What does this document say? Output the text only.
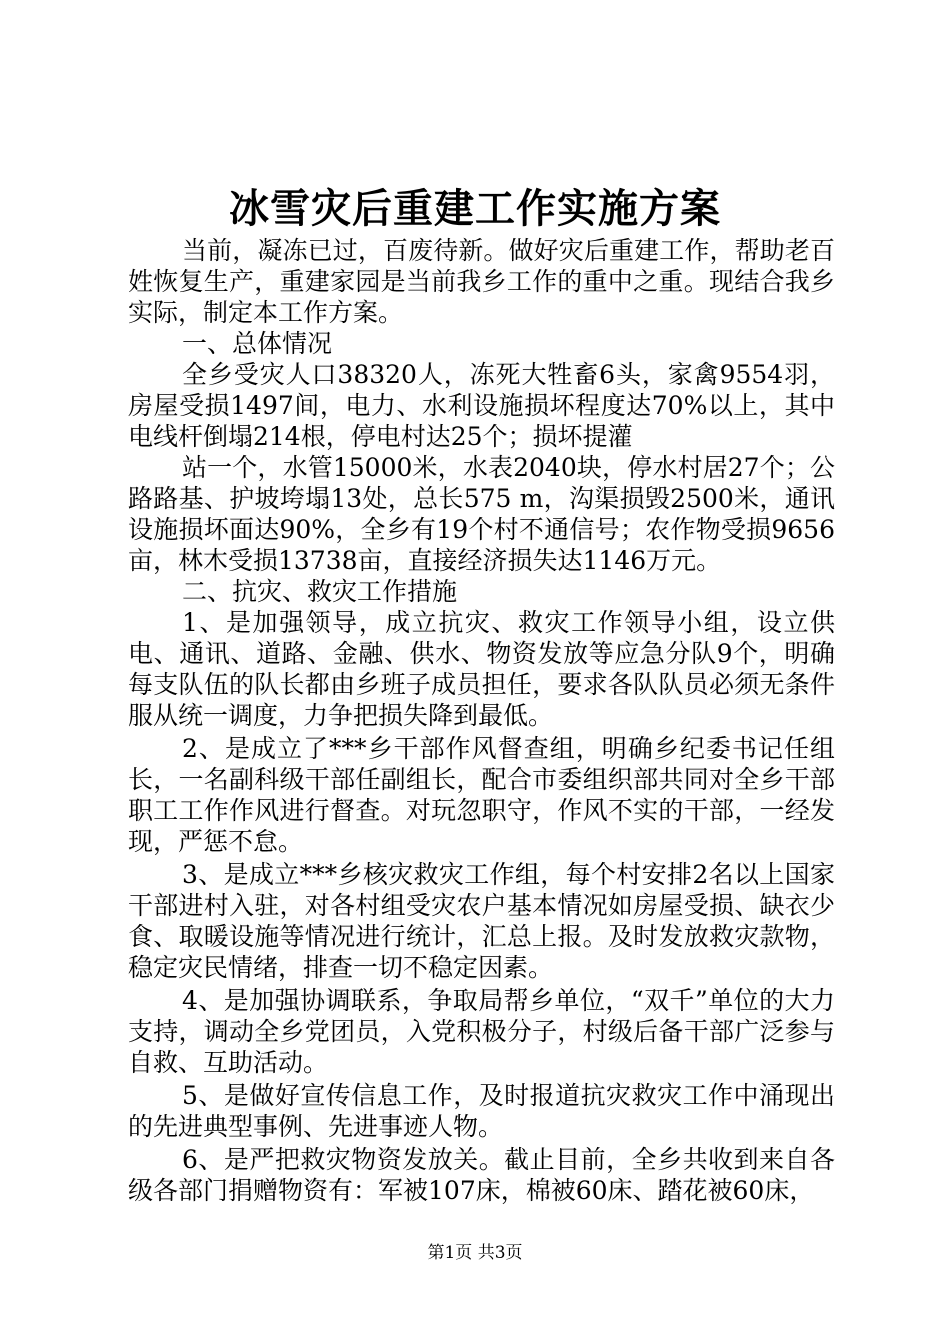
冰雪灾后重建工作实施方案

当前，凝冻已过，百废待新。做好灾后重建工作，帮助老百姓恢复生产，重建家园是当前我乡工作的重中之重。现结合我乡实际，制定本工作方案。

一、总体情况

全乡受灾人口38320人，冻死大牲畜6头，家禽9554羽，房屋受损1497间，电力、水利设施损坏程度达70%以上，其中电线杆倒塌214根，停电村达25个；损坏提灌

站一个，水管15000米，水表2040块，停水村居27个；公路路基、护坡垮塌13处，总长575 m，沟渠损毁2500米，通讯设施损坏面达90%，全乡有19个村不通信号；农作物受损9656亩，林木受损13738亩，直接经济损失达1146万元。

二、抗灾、救灾工作措施

1、是加强领导，成立抗灾、救灾工作领导小组，设立供电、通讯、道路、金融、供水、物资发放等应急分队9个，明确每支队伍的队长都由乡班子成员担任，要求各队队员必须无条件服从统一调度，力争把损失降到最低。

2、是成立了***乡干部作风督查组，明确乡纪委书记任组长，一名副科级干部任副组长，配合市委组织部共同对全乡干部职工工作作风进行督查。对玩忽职守，作风不实的干部，一经发现，严惩不怠。

3、是成立***乡核灾救灾工作组，每个村安排2名以上国家干部进村入驻，对各村组受灾农户基本情况如房屋受损、缺衣少食、取暖设施等情况进行统计，汇总上报。及时发放救灾款物，稳定灾民情绪，排查一切不稳定因素。

4、是加强协调联系，争取局帮乡单位，“双千”单位的大力支持，调动全乡党团员，入党积极分子，村级后备干部广泛参与自救、互助活动。

5、是做好宣传信息工作，及时报道抗灾救灾工作中涌现出的先进典型事例、先进事迹人物。

6、是严把救灾物资发放关。截止目前，全乡共收到来自各级各部门捐赠物资有：军被107床，棉被60床、踏花被60床，

第1页 共3页
